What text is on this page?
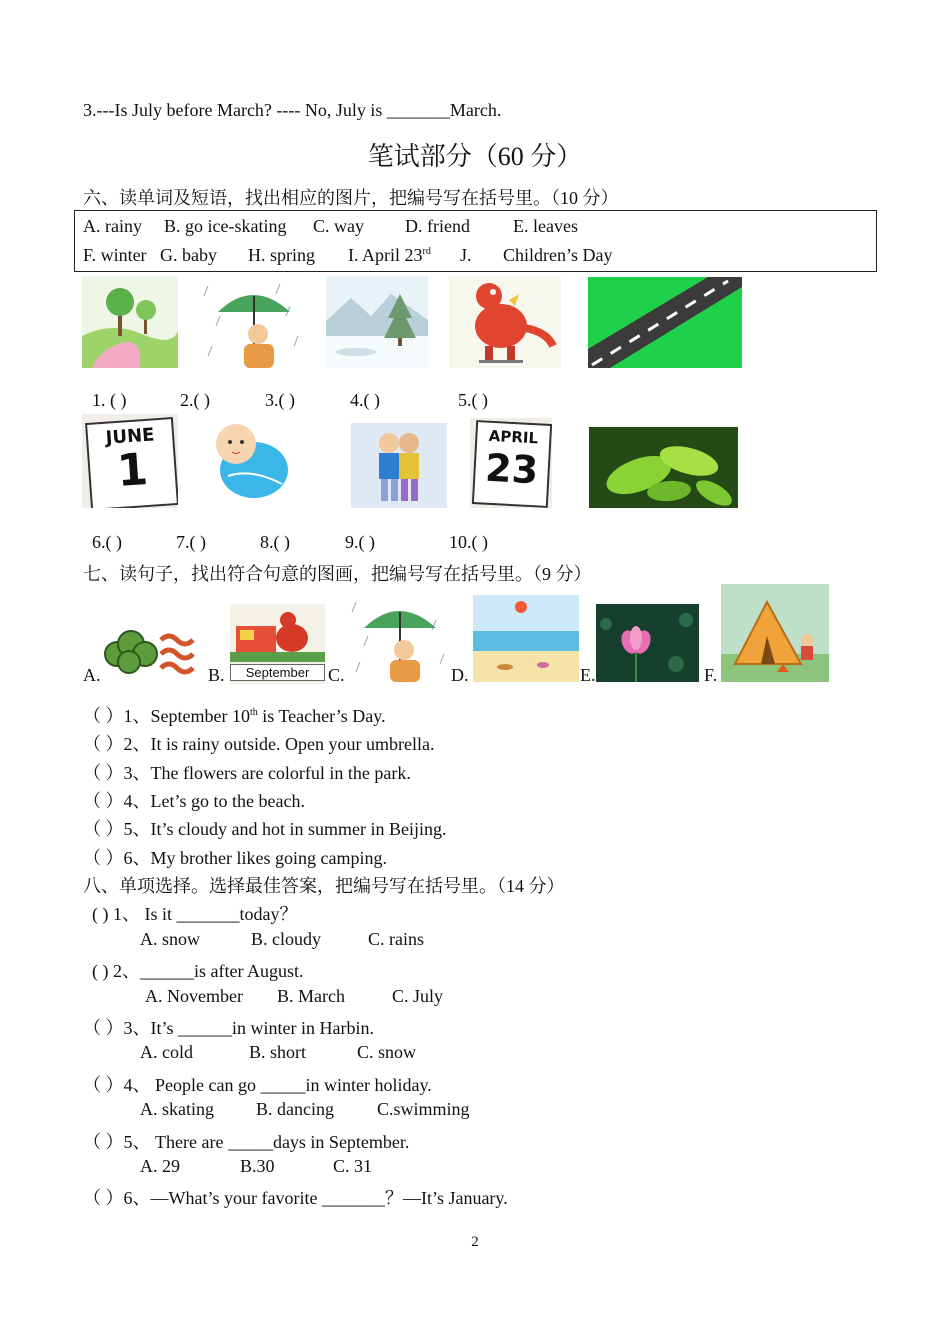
3.---Is July before March? ---- No, July is _______March.
笔试部分（60 分）
六、读单词及短语，找出相应的图片，把编号写在括号里。（10 分）
A. rainy B. go ice-skating C. way D. friend E. leaves
F. winter G. baby H. spring I. April 23rd J. Children’s Day
1. ( )	2.( )	3.( )	4.( )	5.( )
JUNE
1
APRIL
23
6.( )	7.( )	8.( )	9.( )	10.( )
七、读句子，找出符合句意的图画，把编号写在括号里。（9 分）
A.	B.	September	C.	D.	E.	F.
（ ）1、September 10th is Teacher’s Day.
（ ）2、It is rainy outside. Open your umbrella.
（ ）3、The flowers are colorful in the park.
（ ）4、Let’s go to the beach.
（ ）5、It’s cloudy and hot in summer in Beijing.
（ ）6、My brother likes going camping.
八、单项选择。选择最佳答案，把编号写在括号里。（14 分）
( ) 1、 Is it _______today？
A. snow	B. cloudy	C. rains
( ) 2、______is after August.
A. November B. March	C. July
（ ）3、It’s ______in winter in Harbin.
A. cold	B. short	C. snow
（ ）4、 People can go _____in winter holiday.
A. skating B. dancing C.swimming
（ ）5、 There are _____days in September.
A. 29	B.30	C. 31
（ ）6、—What’s your favorite _______？—It’s January.
2
